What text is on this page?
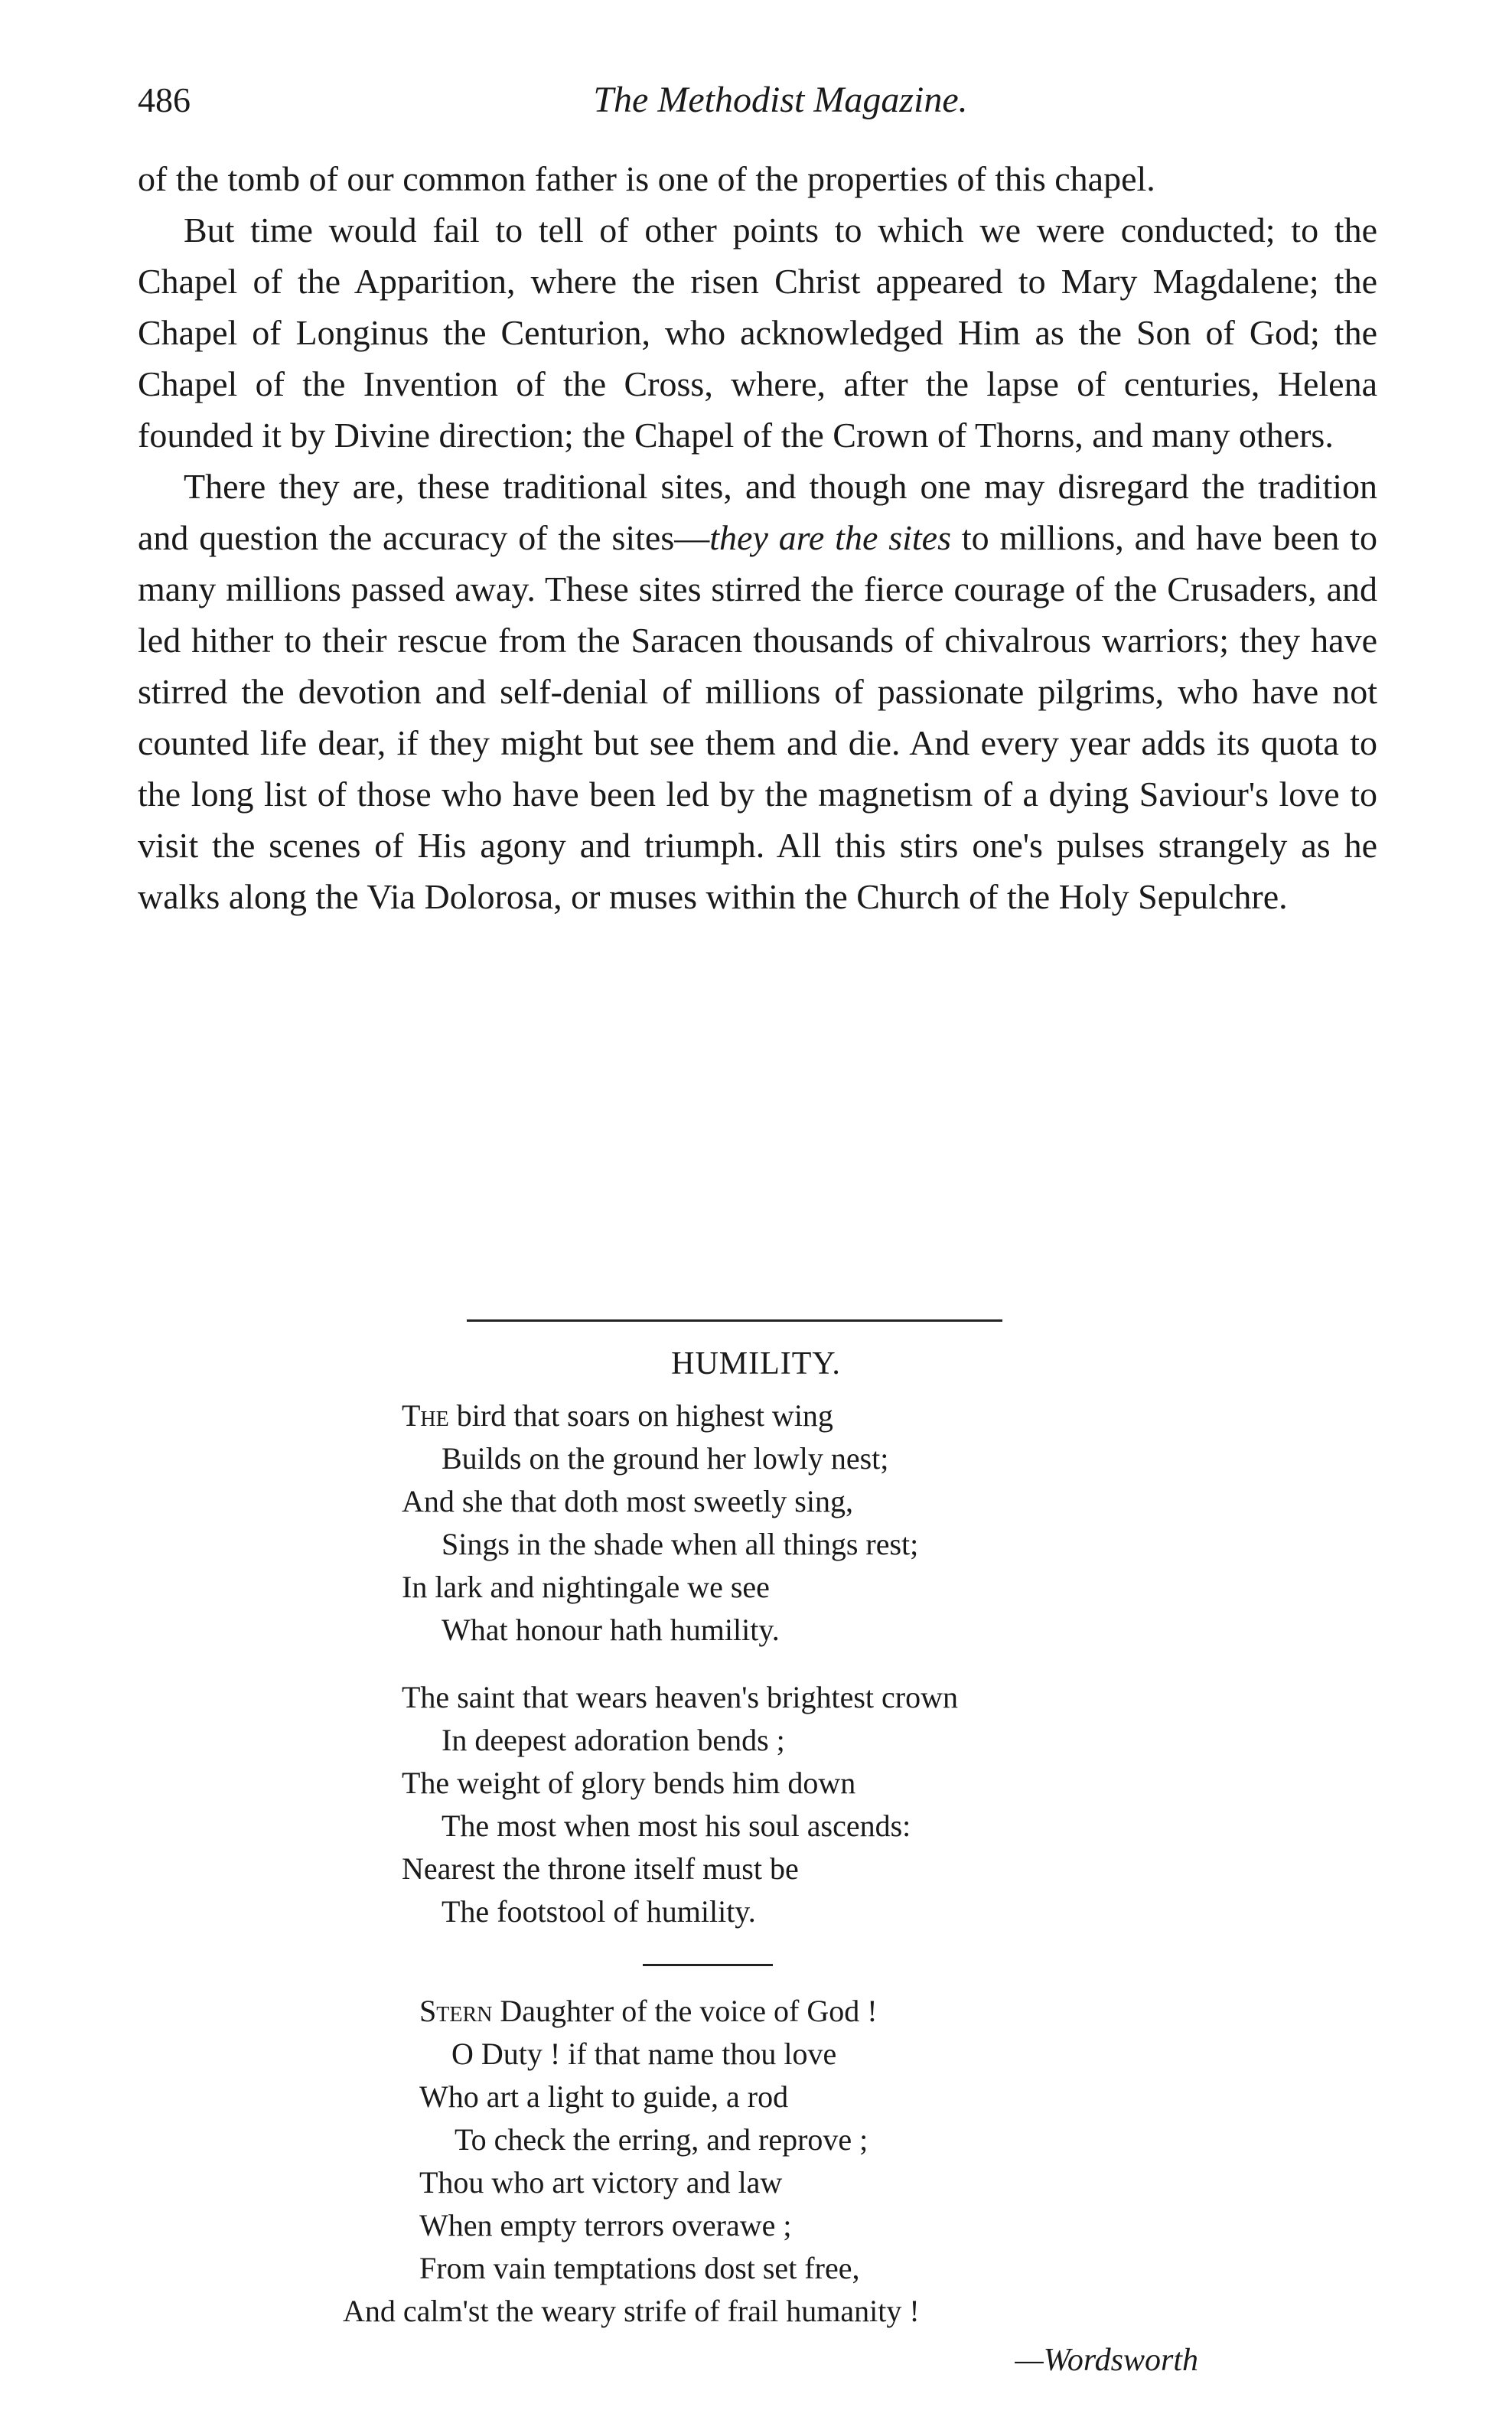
486	The Methodist Magazine.

of the tomb of our common father is one of the properties of this chapel.

But time would fail to tell of other points to which we were conducted; to the Chapel of the Apparition, where the risen Christ appeared to Mary Magdalene; the Chapel of Longinus the Centurion, who acknowledged Him as the Son of God; the Chapel of the Invention of the Cross, where, after the lapse of centuries, Helena founded it by Divine direction; the Chapel of the Crown of Thorns, and many others.

There they are, these traditional sites, and though one may disregard the tradition and question the accuracy of the sites—they are the sites to millions, and have been to many millions passed away. These sites stirred the fierce courage of the Crusaders, and led hither to their rescue from the Saracen thousands of chivalrous warriors; they have stirred the devotion and self-denial of millions of passionate pilgrims, who have not counted life dear, if they might but see them and die. And every year adds its quota to the long list of those who have been led by the magnetism of a dying Saviour's love to visit the scenes of His agony and triumph. All this stirs one's pulses strangely as he walks along the Via Dolorosa, or muses within the Church of the Holy Sepulchre.

HUMILITY.
The bird that soars on highest wing
Builds on the ground her lowly nest;
And she that doth most sweetly sing,
Sings in the shade when all things rest;
In lark and nightingale we see
What honour hath humility.
The saint that wears heaven's brightest crown
In deepest adoration bends ;
The weight of glory bends him down
The most when most his soul ascends:
Nearest the throne itself must be
The footstool of humility.
Stern Daughter of the voice of God !
O Duty ! if that name thou love
Who art a light to guide, a rod
To check the erring, and reprove ;
Thou who art victory and law
When empty terrors overawe ;
From vain temptations dost set free,
And calm'st the weary strife of frail humanity !
—Wordsworth
